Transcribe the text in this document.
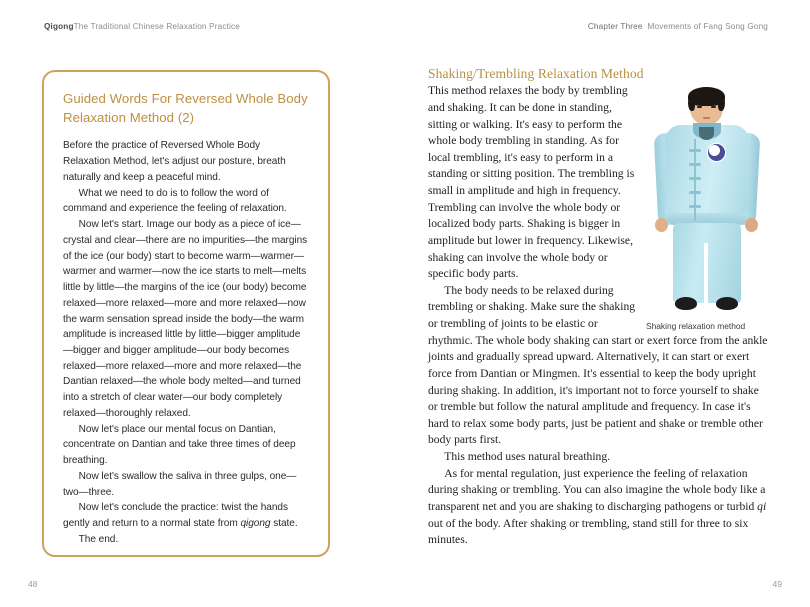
QigongThe Traditional Chinese Relaxation Practice	Chapter Three Movements of Fang Song Gong
Guided Words For Reversed Whole Body Relaxation Method (2)

Before the practice of Reversed Whole Body Relaxation Method, let's adjust our posture, breath naturally and keep a peaceful mind.

What we need to do is to follow the word of command and experience the feeling of relaxation.

Now let's start. Image our body as a piece of ice—crystal and clear—there are no impurities—the margins of the ice (our body) start to become warm—warmer—warmer and warmer—now the ice starts to melt—melts little by little—the margins of the ice (our body) become relaxed—more relaxed—more and more relaxed—now the warm sensation spread inside the body—the warm amplitude is increased little by little—bigger amplitude—bigger and bigger amplitude—our body becomes relaxed—more relaxed—more and more relaxed—the Dantian relaxed—the whole body melted—and turned into a stretch of clear water—our body completely relaxed—thoroughly relaxed.

Now let's place our mental focus on Dantian, concentrate on Dantian and take three times of deep breathing.

Now let's swallow the saliva in three gulps, one—two—three.

Now let's conclude the practice: twist the hands gently and return to a normal state from qigong state.

The end.

48
Shaking/Trembling Relaxation Method
Shaking relaxation method

This method relaxes the body by trembling and shaking. It can be done in standing, sitting or walking. It's easy to perform the whole body trembling in standing. As for local trembling, it's easy to perform in a standing or sitting position. The trembling is small in amplitude and high in frequency. Trembling can involve the whole body or localized body parts. Shaking is bigger in amplitude but lower in frequency. Likewise, shaking can involve the whole body or specific body parts.

The body needs to be relaxed during trembling or shaking. Make sure the shaking or trembling of joints to be elastic or rhythmic. The whole body shaking can start or exert force from the ankle joints and gradually spread upward. Alternatively, it can start or exert force from Dantian or Mingmen. It's essential to keep the body upright during shaking. In addition, it's important not to force yourself to shake or tremble but follow the natural amplitude and frequency. In case it's hard to relax some body parts, just be patient and shake or tremble other body parts first.

This method uses natural breathing.

As for mental regulation, just experience the feeling of relaxation during shaking or trembling. You can also imagine the whole body like a transparent net and you are shaking to discharging pathogens or turbid qi out of the body. After shaking or trembling, stand still for three to six minutes.

49
